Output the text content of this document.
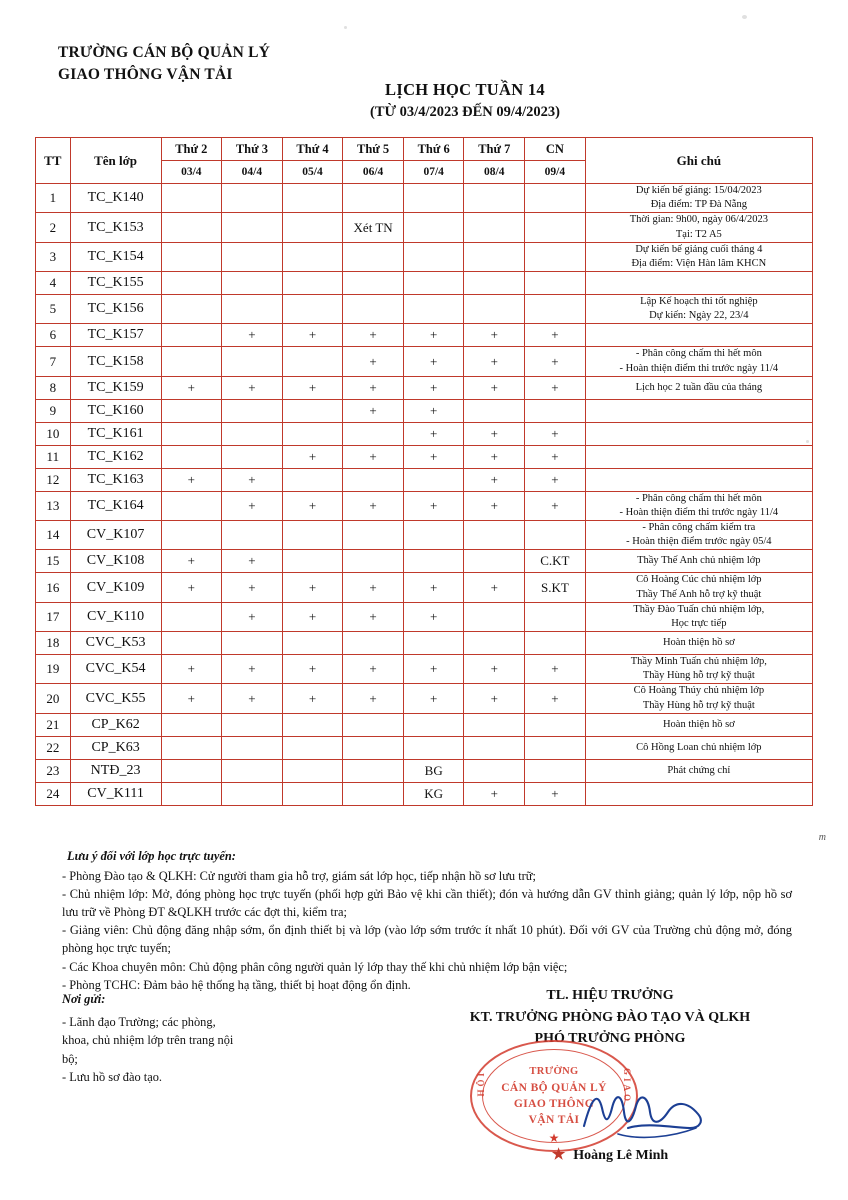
TRƯỜNG CÁN BỘ QUẢN LÝ
GIAO THÔNG VẬN TẢI
LỊCH HỌC TUẦN 14
(TỪ 03/4/2023 ĐẾN 09/4/2023)
TT	Tên lớp	Thứ 2	Thứ 3	Thứ 4	Thứ 5	Thứ 6	Thứ 7	CN	Ghi chú
		03/4	04/4	05/4	06/4	07/4	08/4	09/4	
1	TC_K140								Dự kiến bế giảng: 15/04/2023
Địa điểm: TP Đà Nẵng

2	TC_K153				Xét TN				Thời gian: 9h00, ngày 06/4/2023
Tại: T2 A5

3	TC_K154								Dự kiến bế giảng cuối tháng 4
Địa điểm: Viện Hàn lâm KHCN

4	TC_K155								
5	TC_K156								Lập Kế hoạch thi tốt nghiệp
Dự kiến: Ngày 22, 23/4

6	TC_K157		+	+	+	+	+	+	
7	TC_K158				+	+	+	+	- Phân công chấm thi hết môn
- Hoàn thiện điểm thi trước ngày 11/4

8	TC_K159	+	+	+	+	+	+	+	Lịch học 2 tuần đầu của tháng

9	TC_K160				+	+			
10	TC_K161					+	+	+	
11	TC_K162			+	+	+	+	+	
12	TC_K163	+	+				+	+	
13	TC_K164		+	+	+	+	+	+	- Phân công chấm thi hết môn
- Hoàn thiện điểm thi trước ngày 11/4

14	CV_K107								- Phân công chấm kiểm tra
- Hoàn thiện điểm trước ngày 05/4

15	CV_K108	+	+					C.KT	Thầy Thế Anh chủ nhiệm lớp

16	CV_K109	+	+	+	+	+	+	S.KT	Cô Hoàng Cúc chủ nhiệm lớp
Thầy Thế Anh hỗ trợ kỹ thuật

17	CV_K110		+	+	+	+			Thầy Đào Tuấn chủ nhiệm lớp,
Học trực tiếp

18	CVC_K53								Hoàn thiện hồ sơ

19	CVC_K54	+	+	+	+	+	+	+	Thầy Minh Tuấn chủ nhiệm lớp,
Thầy Hùng hỗ trợ kỹ thuật

20	CVC_K55	+	+	+	+	+	+	+	Cô Hoàng Thúy chủ nhiệm lớp
Thầy Hùng hỗ trợ kỹ thuật

21	CP_K62								Hoàn thiện hồ sơ

22	CP_K63								Cô Hồng Loan chủ nhiệm lớp

23	NTĐ_23					BG			Phát chứng chỉ

24	CV_K111					KG	+	+	
m
Lưu ý đối với lớp học trực tuyến:

- Phòng Đào tạo & QLKH: Cử người tham gia hỗ trợ, giám sát lớp học, tiếp nhận hồ sơ lưu trữ;

- Chủ nhiệm lớp: Mở, đóng phòng học trực tuyến (phối hợp gửi Bảo vệ khi cần thiết); đón và hướng dẫn GV thỉnh giảng; quản lý lớp, nộp hồ sơ lưu trữ về Phòng ĐT &QLKH trước các đợt thi, kiểm tra;

- Giảng viên: Chủ động đăng nhập sớm, ổn định thiết bị và lớp (vào lớp sớm trước ít nhất 10 phút). Đối với GV của Trường chủ động mở, đóng phòng học trực tuyến;

- Các Khoa chuyên môn: Chủ động phân công người quản lý lớp thay thế khi chủ nhiệm lớp bận việc;

- Phòng TCHC: Đảm bảo hệ thống hạ tầng, thiết bị hoạt động ổn định.

Nơi gửi:

- Lãnh đạo Trường; các phòng,

khoa, chủ nhiệm lớp trên trang nội

bộ;

- Lưu hồ sơ đào tạo.

TL. HIỆU TRƯỞNG
KT. TRƯỞNG PHÒNG ĐÀO TẠO VÀ QLKH
PHÓ TRƯỞNG PHÒNG
HỘI	GIAO
TRƯỜNG
CÁN BỘ QUẢN LÝ
GIAO THÔNG
VẬN TẢI
★
★ Hoàng Lê Minh
